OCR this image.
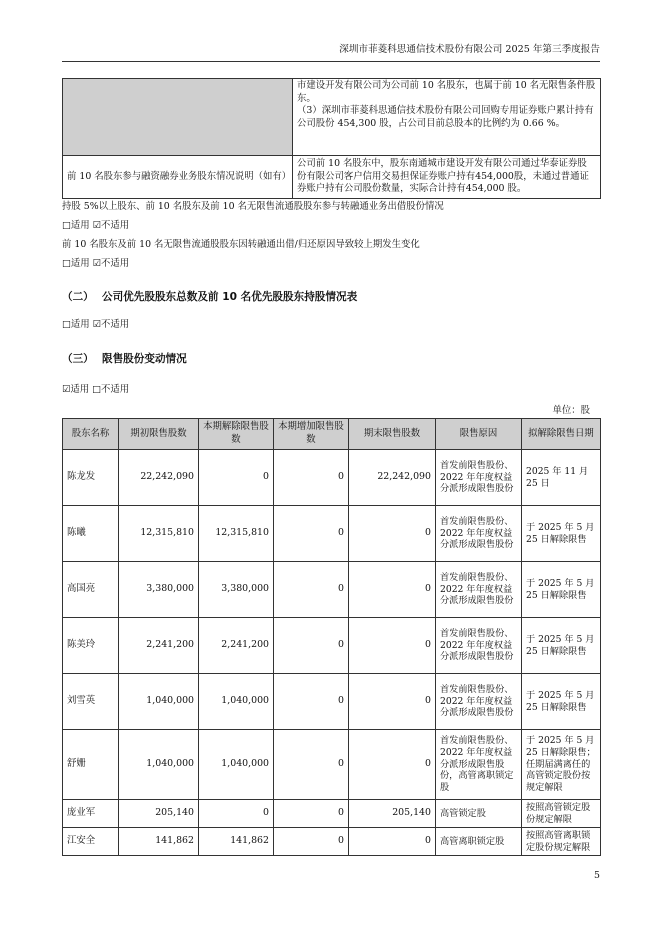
深圳市菲菱科思通信技术股份有限公司 2025 年第三季度报告

	市建设开发有限公司为公司前 10 名股东，也属于前 10 名无限售条件股东。
（3）深圳市菲菱科思通信技术股份有限公司回购专用证券账户累计持有公司股份 454,300 股，占公司目前总股本的比例约为 0.66 %。

前 10 名股东参与融资融券业务股东情况说明（如有）	公司前 10 名股东中，股东南通城市建设开发有限公司通过华泰证券股份有限公司客户信用交易担保证券账户持有454,000股，未通过普通证券账户持有公司股份数量，实际合计持有454,000 股。
持股 5%以上股东、前 10 名股东及前 10 名无限售流通股股东参与转融通业务出借股份情况
□适用 ☑不适用
前 10 名股东及前 10 名无限售流通股股东因转融通出借/归还原因导致较上期发生变化
□适用 ☑不适用
（二） 公司优先股股东总数及前 10 名优先股股东持股情况表
□适用 ☑不适用
（三） 限售股份变动情况
☑适用 □不适用
单位：股
股东名称	期初限售股数	本期解除限售股数	本期增加限售股数	期末限售股数	限售原因	拟解除限售日期
陈龙发	22,242,090	0	0	22,242,090	首发前限售股份、2022 年年度权益分派形成限售股份	2025 年 11 月 25 日
陈曦	12,315,810	12,315,810	0	0	首发前限售股份、2022 年年度权益分派形成限售股份	于 2025 年 5 月 25 日解除限售
高国亮	3,380,000	3,380,000	0	0	首发前限售股份、2022 年年度权益分派形成限售股份	于 2025 年 5 月 25 日解除限售
陈美玲	2,241,200	2,241,200	0	0	首发前限售股份、2022 年年度权益分派形成限售股份	于 2025 年 5 月 25 日解除限售
刘雪英	1,040,000	1,040,000	0	0	首发前限售股份、2022 年年度权益分派形成限售股份	于 2025 年 5 月 25 日解除限售
舒姗	1,040,000	1,040,000	0	0	首发前限售股份、2022 年年度权益分派形成限售股份，高管离职锁定股	于 2025 年 5 月 25 日解除限售；任期届满离任的高管锁定股份按规定解限
庞业军	205,140	0	0	205,140	高管锁定股	按照高管锁定股份规定解限
江安全	141,862	141,862	0	0	高管离职锁定股	按照高管离职锁定股份规定解限
5
